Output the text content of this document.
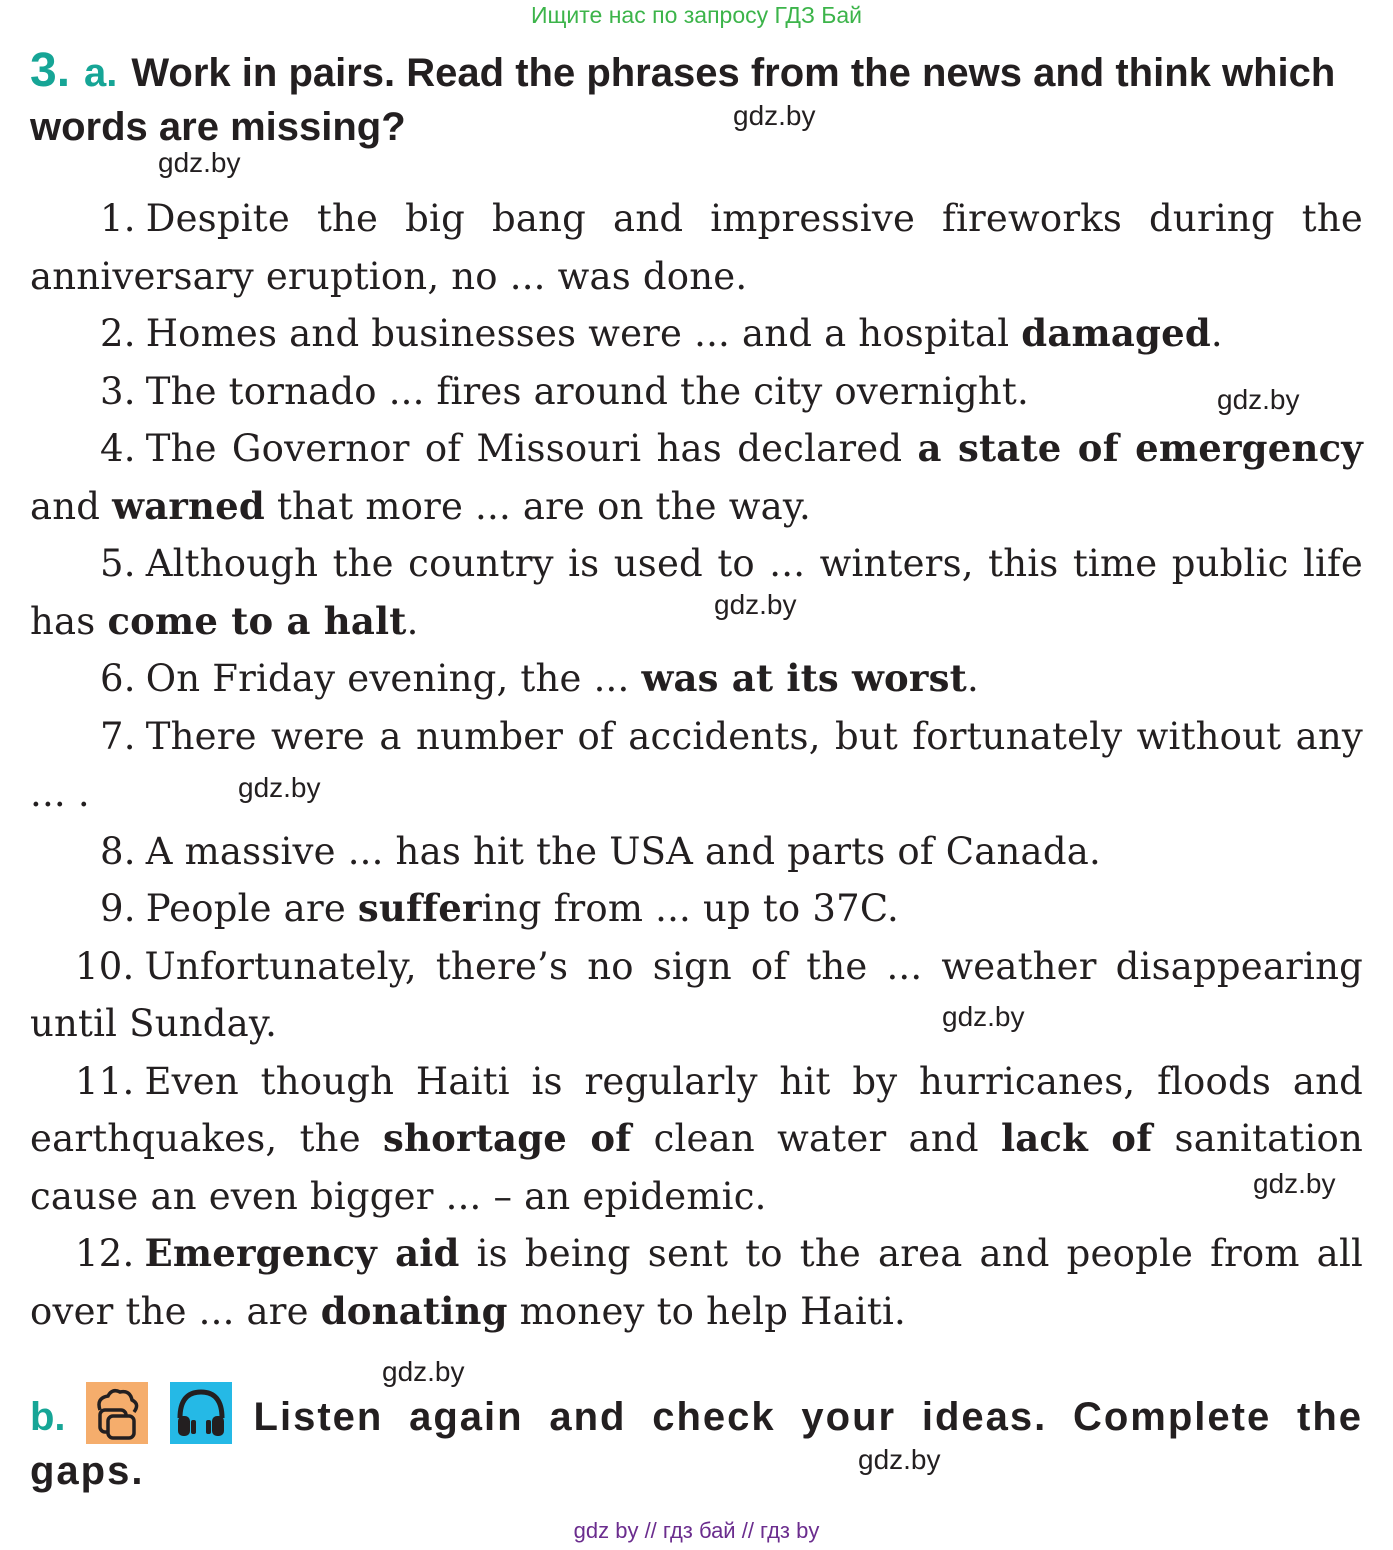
Ищите нас по запросу ГДЗ Бай
3. a. Work in pairs. Read the phrases from the news and think which words are missing?	gdz.by
gdz.by
gdz.by
gdz.by
gdz.by
gdz.by
gdz.by
gdz.by
gdz.by

1. Despite the big bang and impressive fireworks during the anniversary eruption, no ... was done.

2. Homes and businesses were ... and a hospital damaged.

3. The tornado ... fires around the city overnight.

4. The Governor of Missouri has declared a state of emergency and warned that more ... are on the way.

5. Although the country is used to ... winters, this time public life has come to a halt.

6. On Friday evening, the ... was at its worst.

7. There were a number of accidents, but fortunately without any ... .

8. A massive ... has hit the USA and parts of Canada.

9. People are suffering from ... up to 37C.

10. Unfortunately, there’s no sign of the ... weather disappearing until Sunday.

11. Even though Haiti is regularly hit by hurricanes, floods and earthquakes, the shortage of clean water and lack of sanitation cause an even bigger ... – an epidemic.

12. Emergency aid is being sent to the area and people from all over the ... are donating money to help Haiti.

b.	Listen again and check your ideas. Complete the gaps.
gdz by // гдз бай // гдз by
